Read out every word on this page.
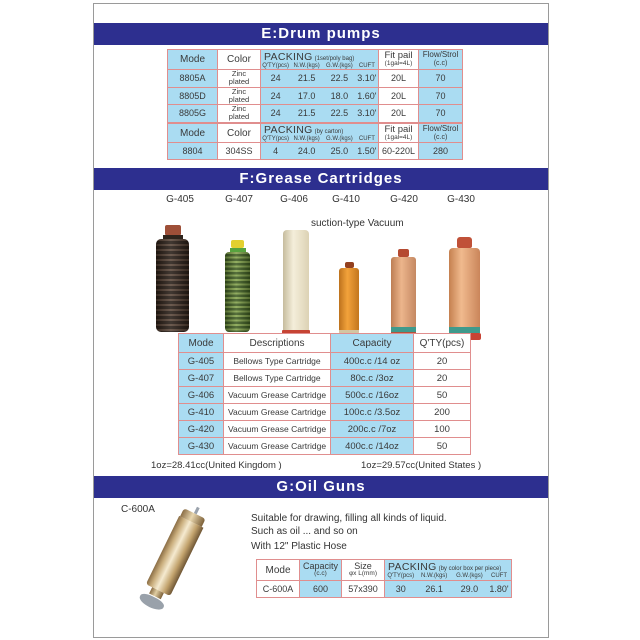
E:Drum pumps
Mode	Color	PACKING (1set/poly bag)
Q'TY(pcs) N.W.(kgs)	G.W.(kgs)	CUFT
	Fit pail
(1gal=4L)
	Flow/Strol
(c.c)

8805A	Zinc plated	24 21.5 22.5 3.10'	20L	70
8805D	Zinc plated	24 17.0 18.0 1.60'	20L	70
8805G	Zinc plated	24 21.5 22.5 3.10'	20L	70
Mode	Color	PACKING (by carton)
Q'TY(pcs) N.W.(kgs)	G.W.(kgs)	CUFT
	Fit pail
(1gal=4L)
	Flow/Strol
(c.c)

8804	304SS	4 24.0 25.0 1.50'	60-220L	280
F:Grease Cartridges
G-405	G-407	G-406 G-410	G-420	G-430
suction-type Vacuum
Mode	Descriptions	Capacity	Q'TY(pcs)
G-405	Bellows Type Cartridge	400c.c /14 oz	20
G-407	Bellows Type Cartridge	80c.c /3oz	20
G-406	Vacuum Grease Cartridge	500c.c /16oz	50
G-410	Vacuum Grease Cartridge	100c.c /3.5oz	200
G-420	Vacuum Grease Cartridge	200c.c /7oz	100
G-430	Vacuum Grease Cartridge	400c.c /14oz	50
1oz=28.41cc(United Kingdom )	1oz=29.57cc(United States )
G:Oil Guns
C-600A
Suitable for drawing, filling all kinds of liquid.
Such as oil ... and so on
With 12" Plastic Hose
Mode	Capacity
(c.c)
	Size
φx L(mm)

PACKING (by color box per piece)
Q'TY(pcs)	N.W.(kgs)	G.W.(kgs)	CUFT

C-600A	600	57x390	30 26.1 29.0 1.80'
